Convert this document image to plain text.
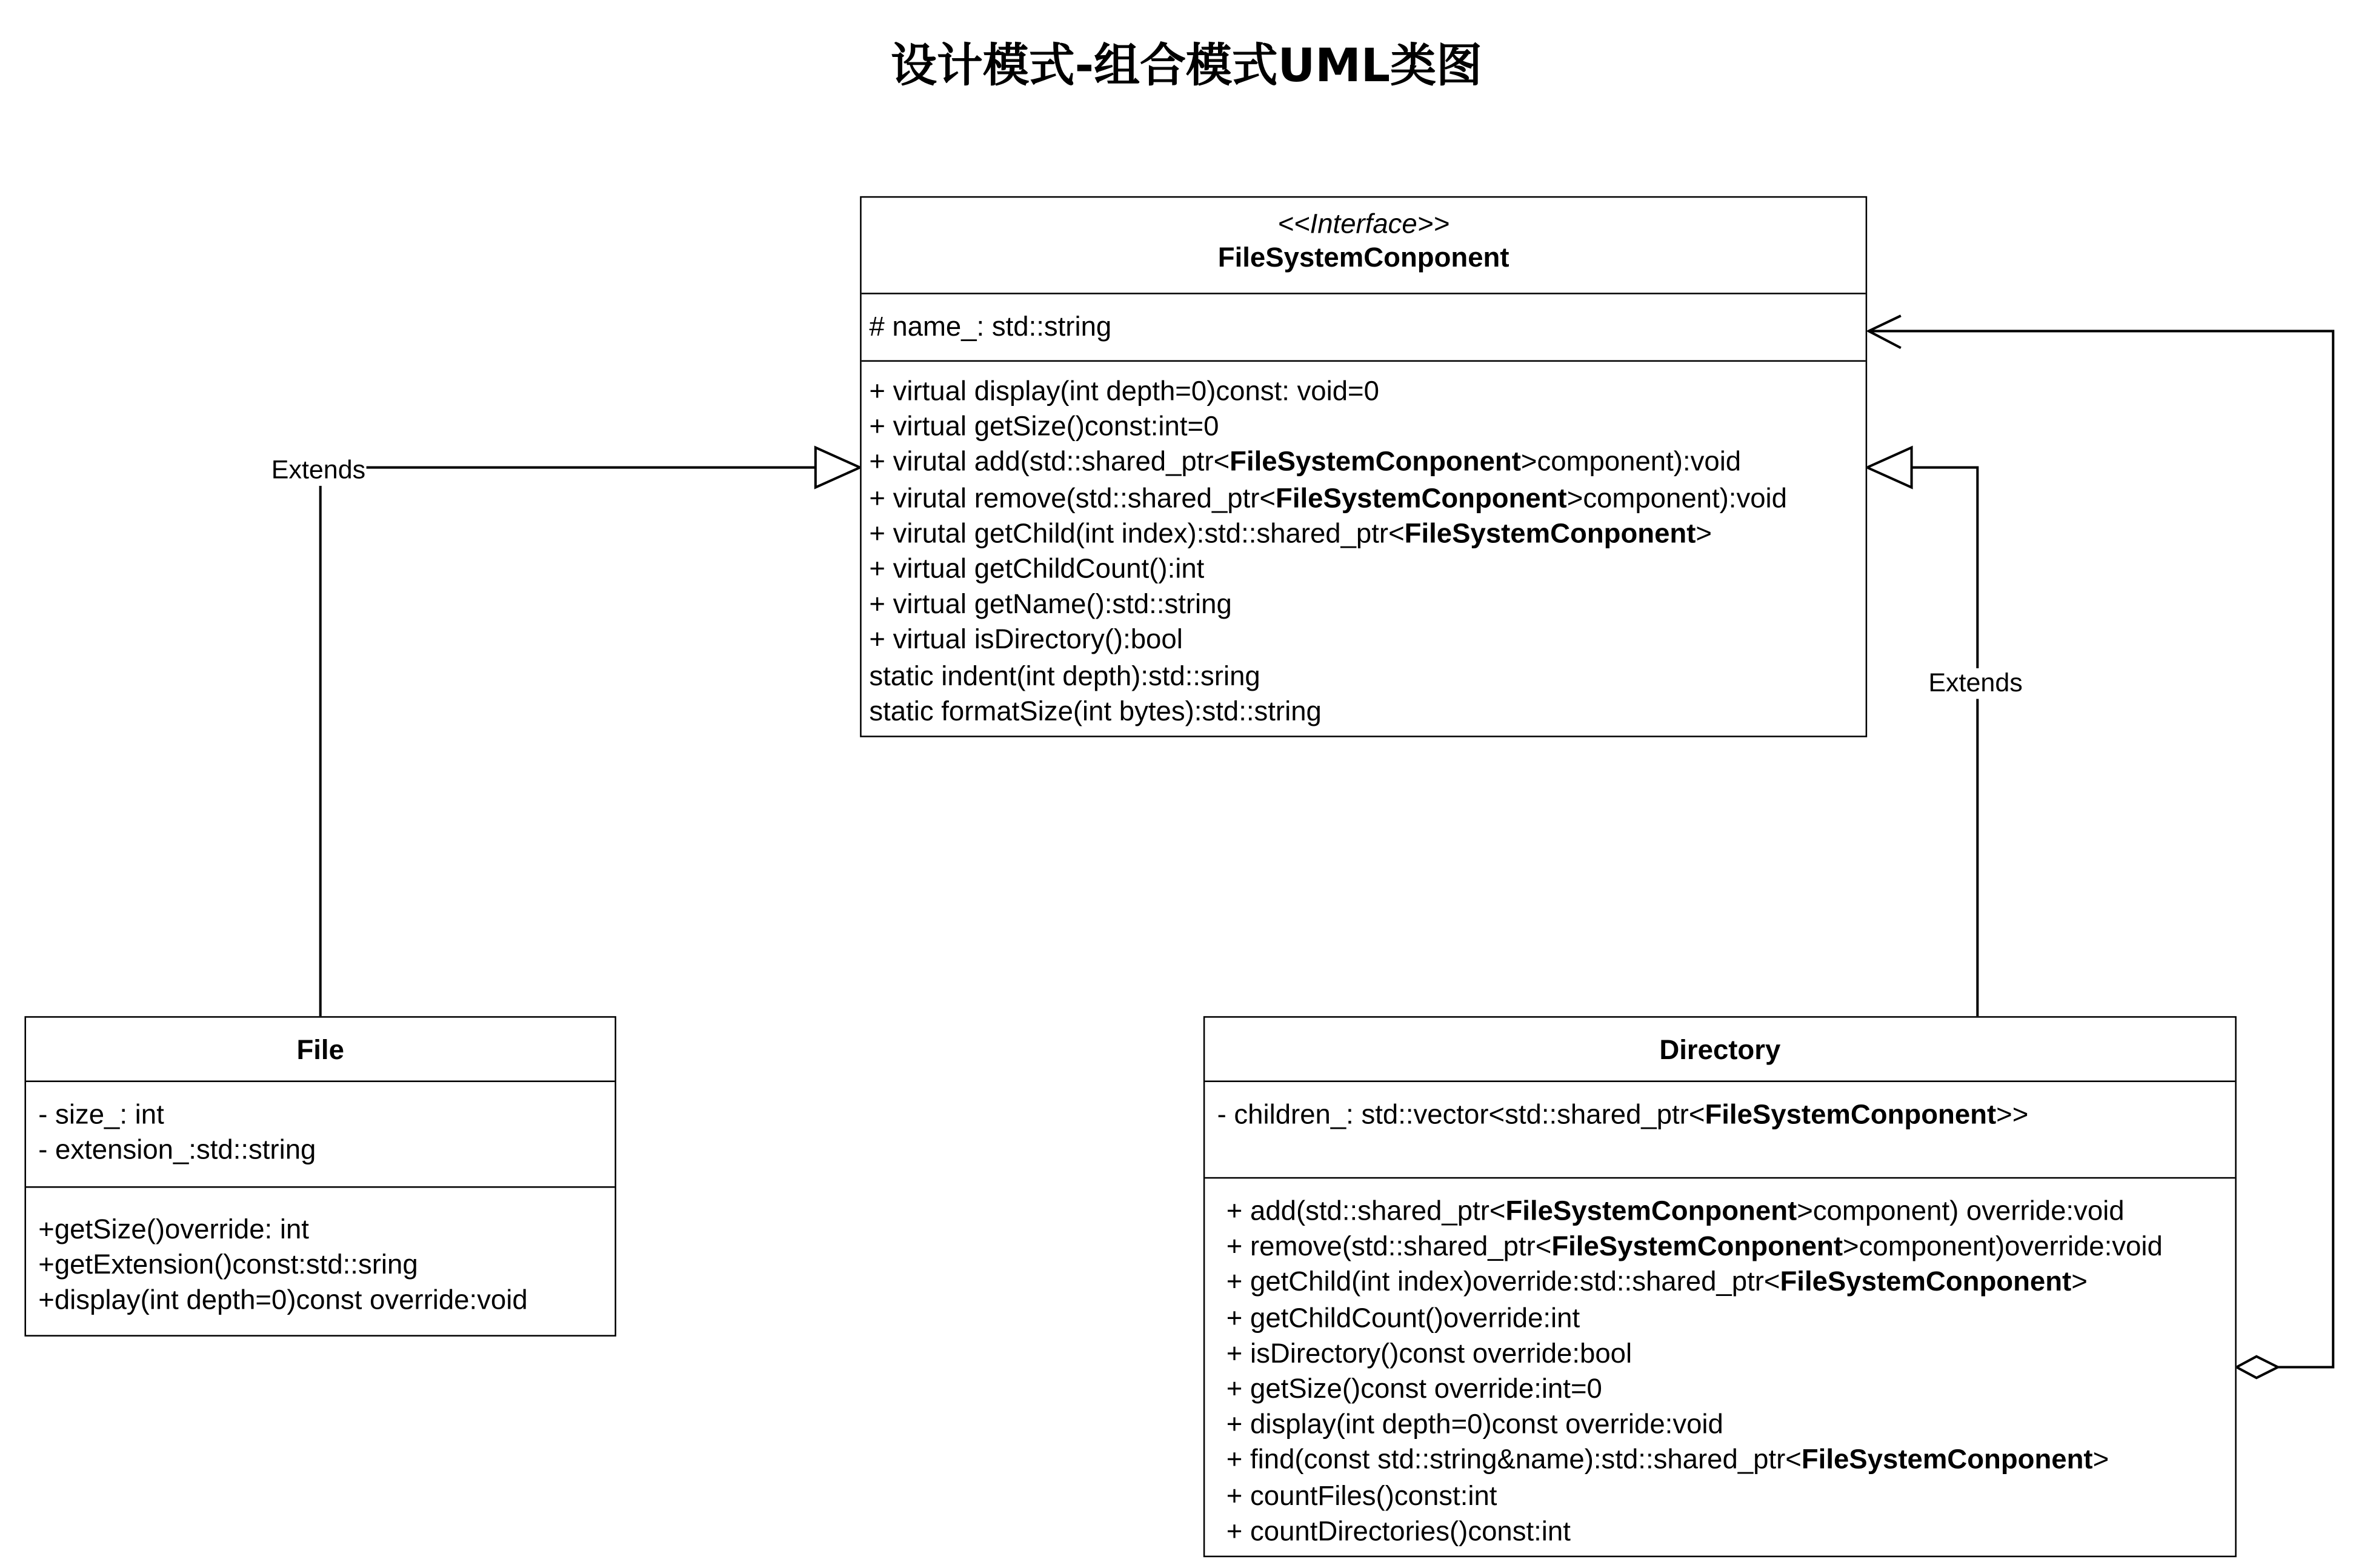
设计模式-组合模式UML类图
<<Interface>>
FileSystemConponent
# name_: std::string
+ virtual display(int depth=0)const: void=0
+ virtual getSize()const:int=0
+ virutal add(std::shared_ptr<FileSystemConponent>component):void
+ virutal remove(std::shared_ptr<FileSystemConponent>component):void
+ virutal getChild(int index):std::shared_ptr<FileSystemConponent>
+ virtual getChildCount():int
+ virtual getName():std::string
+ virtual isDirectory():bool
static indent(int depth):std::sring
static formatSize(int bytes):std::string
File
- size_: int
- extension_:std::string
+getSize()override: int
+getExtension()const:std::sring
+display(int depth=0)const override:void
Directory
- children_: std::vector<std::shared_ptr<FileSystemConponent>>
+ add(std::shared_ptr<FileSystemConponent>component) override:void
+ remove(std::shared_ptr<FileSystemConponent>component)override:void
+ getChild(int index)override:std::shared_ptr<FileSystemConponent>
+ getChildCount()override:int
+ isDirectory()const override:bool
+ getSize()const override:int=0
+ display(int depth=0)const override:void
+ find(const std::string&name):std::shared_ptr<FileSystemConponent>
+ countFiles()const:int
+ countDirectories()const:int
Extends
Extends
